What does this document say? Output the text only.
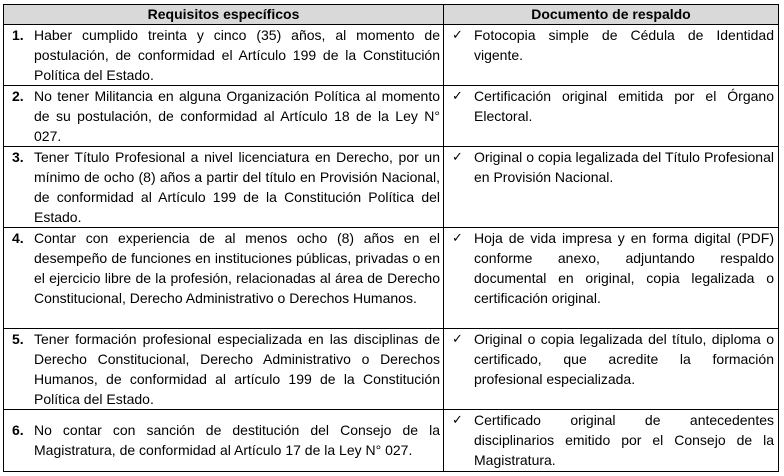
Requisitos específicos	Documento de respaldo

1. Haber cumplido treinta y cinco (35) años, al momento de postulación, de conformidad el Artículo 199 de la Constitución Política del Estado.	✓ Fotocopia simple de Cédula de Identidad vigente.

2. No tener Militancia en alguna Organización Política al momento de su postulación, de conformidad al Artículo 18 de la Ley N° 027.	✓ Certificación original emitida por el Órgano Electoral.

3. Tener Título Profesional a nivel licenciatura en Derecho, por un mínimo de ocho (8) años a partir del título en Provisión Nacional, de conformidad al Artículo 199 de la Constitución Política del Estado.	✓ Original o copia legalizada del Título Profesional en Provisión Nacional.

4. Contar con experiencia de al menos ocho (8) años en el desempeño de funciones en instituciones públicas, privadas o en el ejercicio libre de la profesión, relacionadas al área de Derecho Constitucional, Derecho Administrativo o Derechos Humanos.	✓ Hoja de vida impresa y en forma digital (PDF) conforme anexo, adjuntando respaldo documental en original, copia legalizada o certificación original.

5. Tener formación profesional especializada en las disciplinas de Derecho Constitucional, Derecho Administrativo o Derechos Humanos, de conformidad al artículo 199 de la Constitución Política del Estado.	✓ Original o copia legalizada del título, diploma o certificado, que acredite la formación profesional especializada.

6. No contar con sanción de destitución del Consejo de la Magistratura, de conformidad al Artículo 17 de la Ley N° 027.	✓ Certificado original de antecedentes disciplinarios emitido por el Consejo de la Magistratura.
